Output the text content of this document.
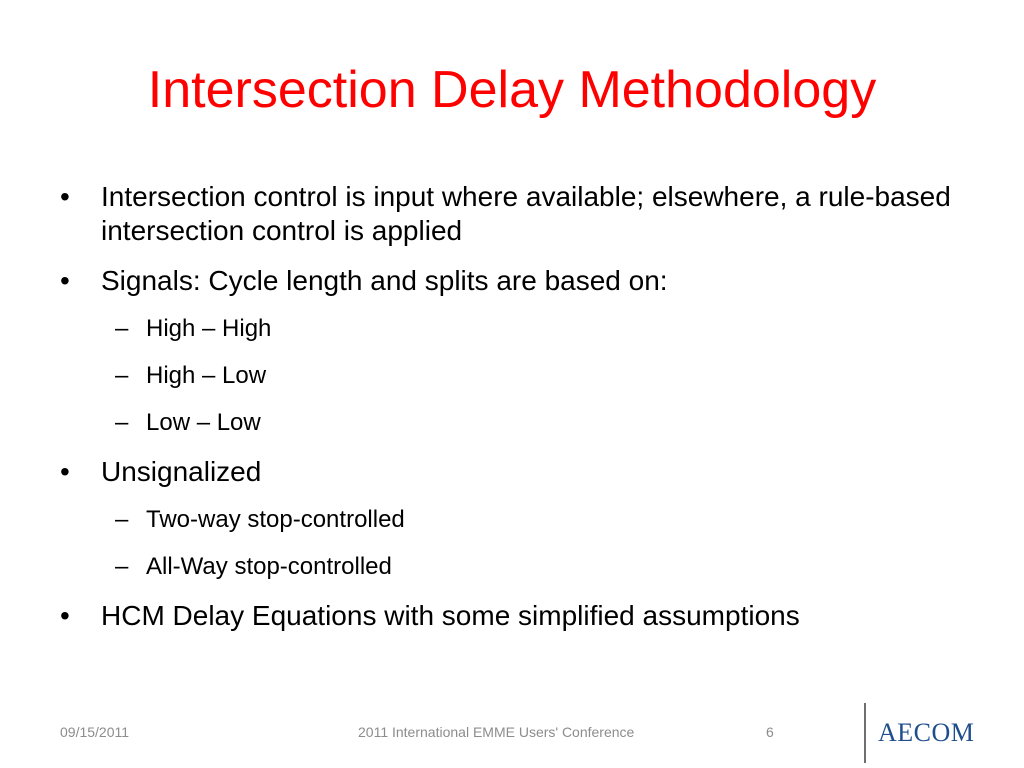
Intersection Delay Methodology
•	Intersection control is input where available; elsewhere, a rule-based intersection control is applied
•	Signals: Cycle length and splits are based on:
– High – High
– High – Low
– Low – Low
•	Unsignalized
– Two-way stop-controlled
– All-Way stop-controlled
•	HCM Delay Equations with some simplified assumptions
09/15/2011	2011 International EMME Users' Conference	6	AECOM
